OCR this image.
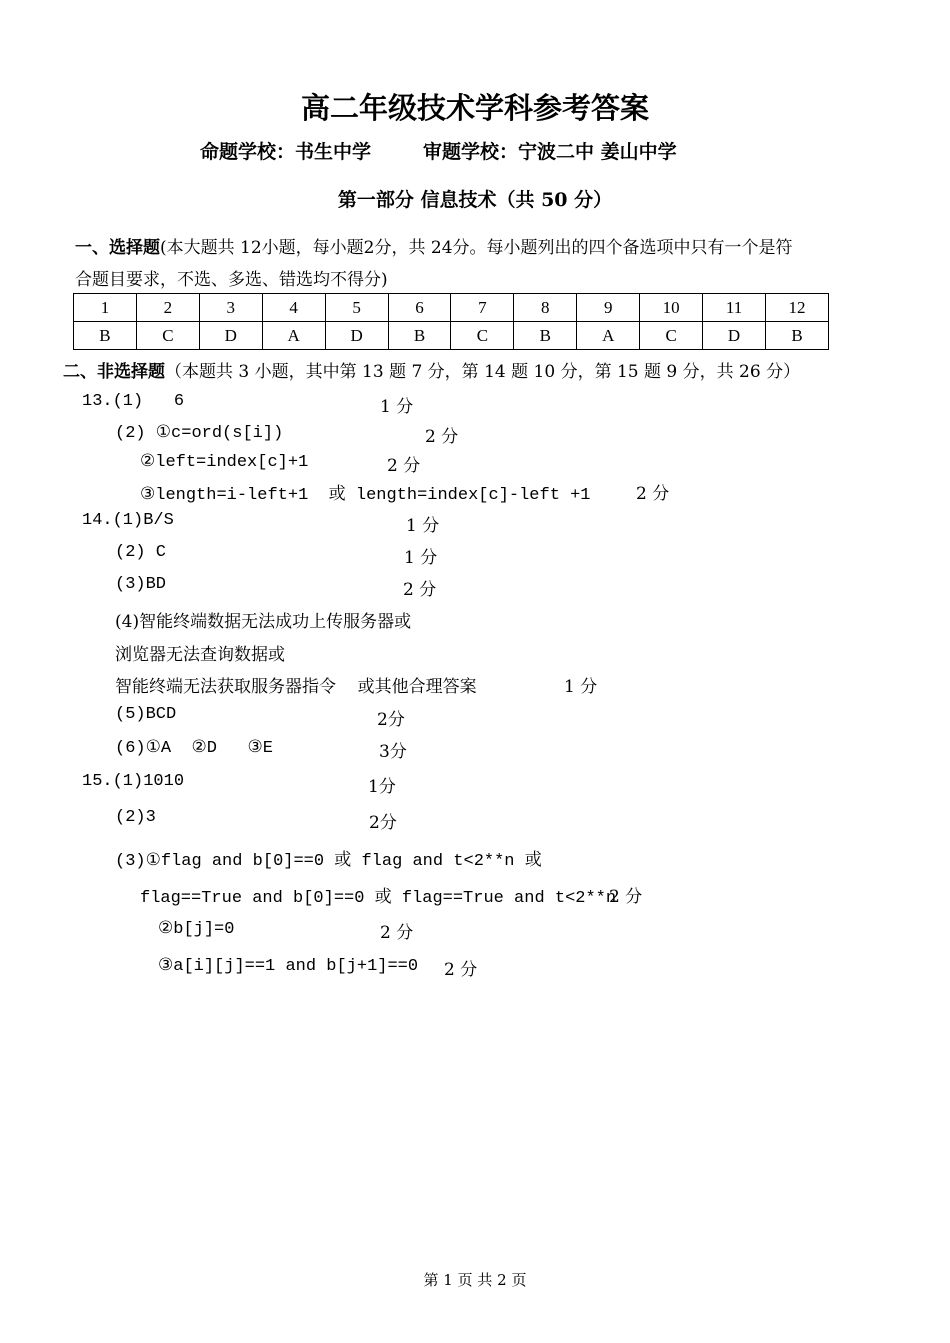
高二年级技术学科参考答案
命题学校：书生中学	审题学校：宁波二中 姜山中学
第一部分 信息技术（共 50 分）
一、选择题(本大题共 12小题，每小题2分，共 24分。每小题列出的四个备选项中只有一个是符
合题目要求，不选、多选、错选均不得分)
1	2	3	4	5	6	7	8	9	10	11	12
B	C	D	A	D	B	C	B	A	C	D	B
二、非选择题（本题共 3 小题，其中第 13 题 7 分，第 14 题 10 分，第 15 题 9 分，共 26 分）
13.(1)   6	1 分
(2) ①c=ord(s[i])	2 分
②left=index[c]+1	2 分
③length=i-left+1  或 length=index[c]-left +1	2 分
14.(1)B/S	1 分
(2) C	1 分
(3)BD	2 分
(4)智能终端数据无法成功上传服务器或
浏览器无法查询数据或
智能终端无法获取服务器指令    或其他合理答案	1 分
(5)BCD	2分
(6)①A  ②D   ③E	3分
15.(1)1010	1分
(2)3	2分
(3)①flag and b[0]==0 或 flag and t<2**n 或
flag==True and b[0]==0 或 flag==True and t<2**n
2 分
②b[j]=0	2 分
③a[i][j]==1 and b[j+1]==0 2 分
第 1 页 共 2 页
